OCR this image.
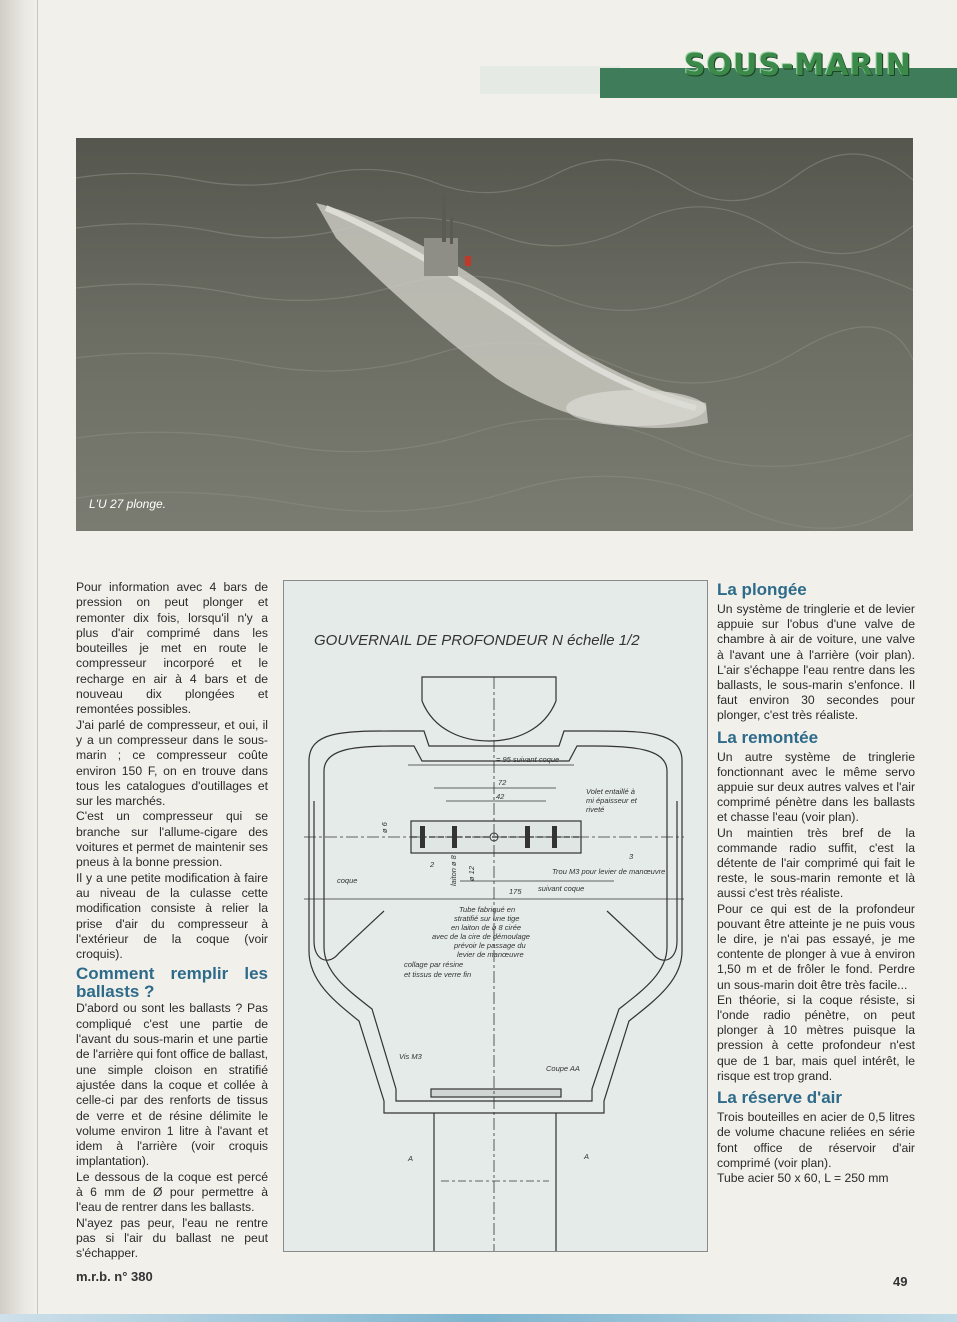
SOUS-MARIN
L'U 27 plonge.

Pour information avec 4 bars de pression on peut plonger et remonter dix fois, lorsqu'il n'y a plus d'air comprimé dans les bouteilles je met en route le compresseur incorporé et le recharge en air à 4 bars et de nouveau dix plongées et remontées possibles.

J'ai parlé de compresseur, et oui, il y a un compresseur dans le sous-marin ; ce compresseur coûte environ 150 F, on en trouve dans tous les catalogues d'outillages et sur les marchés.

C'est un compresseur qui se branche sur l'allume-cigare des voitures et permet de maintenir ses pneus à la bonne pression.

Il y a une petite modification à faire au niveau de la culasse cette modification consiste à relier la prise d'air du compresseur à l'extérieur de la coque (voir croquis).

Comment remplir les ballasts ?

D'abord ou sont les ballasts ? Pas compliqué c'est une partie de l'avant du sous-marin et une partie de l'arrière qui font office de ballast, une simple cloison en stratifié ajustée dans la coque et collée à celle-ci par des renforts de tissus de verre et de résine délimite le volume environ 1 litre à l'avant et idem à l'arrière (voir croquis implantation).

Le dessous de la coque est percé à 6 mm de Ø pour permettre à l'eau de rentrer dans les ballasts.

N'ayez pas peur, l'eau ne rentre pas si l'air du ballast ne peut s'échapper.

GOUVERNAIL DE PROFONDEUR N échelle 1/2
= 95 suivant coque
72
42
175 suivant coque
Volet entaillé à
mi épaisseur et
riveté
ø 6
ø 12
laiton ø 8
2
3
coque
Trou M3 pour levier de manœuvre
Tube fabriqué en
stratifié sur une tige
en laiton de ø 8 cirée
avec de la cire de démoulage
prévoir le passage du
levier de manœuvre
collage par résine
et tissus de verre fin
Vis M3
Coupe AA
A	A
La plongée

Un système de tringlerie et de levier appuie sur l'obus d'une valve de chambre à air de voiture, une valve à l'avant une à l'arrière (voir plan). L'air s'échappe l'eau rentre dans les ballasts, le sous-marin s'enfonce. Il faut environ 30 secondes pour plonger, c'est très réaliste.

La remontée

Un autre système de tringlerie fonctionnant avec le même servo appuie sur deux autres valves et l'air comprimé pénètre dans les ballasts et chasse l'eau (voir plan).

Un maintien très bref de la commande radio suffit, c'est la détente de l'air comprimé qui fait le reste, le sous-marin remonte et là aussi c'est très réaliste.

Pour ce qui est de la profondeur pouvant être atteinte je ne puis vous le dire, je n'ai pas essayé, je me contente de plonger à vue à environ 1,50 m et de frôler le fond. Perdre un sous-marin doit être très facile...

En théorie, si la coque résiste, si l'onde radio pénètre, on peut plonger à 10 mètres puisque la pression à cette profondeur n'est que de 1 bar, mais quel intérêt, le risque est trop grand.

La réserve d'air

Trois bouteilles en acier de 0,5 litres de volume chacune reliées en série font office de réservoir d'air comprimé (voir plan).

Tube acier 50 x 60, L = 250 mm

m.r.b. n° 380	49
